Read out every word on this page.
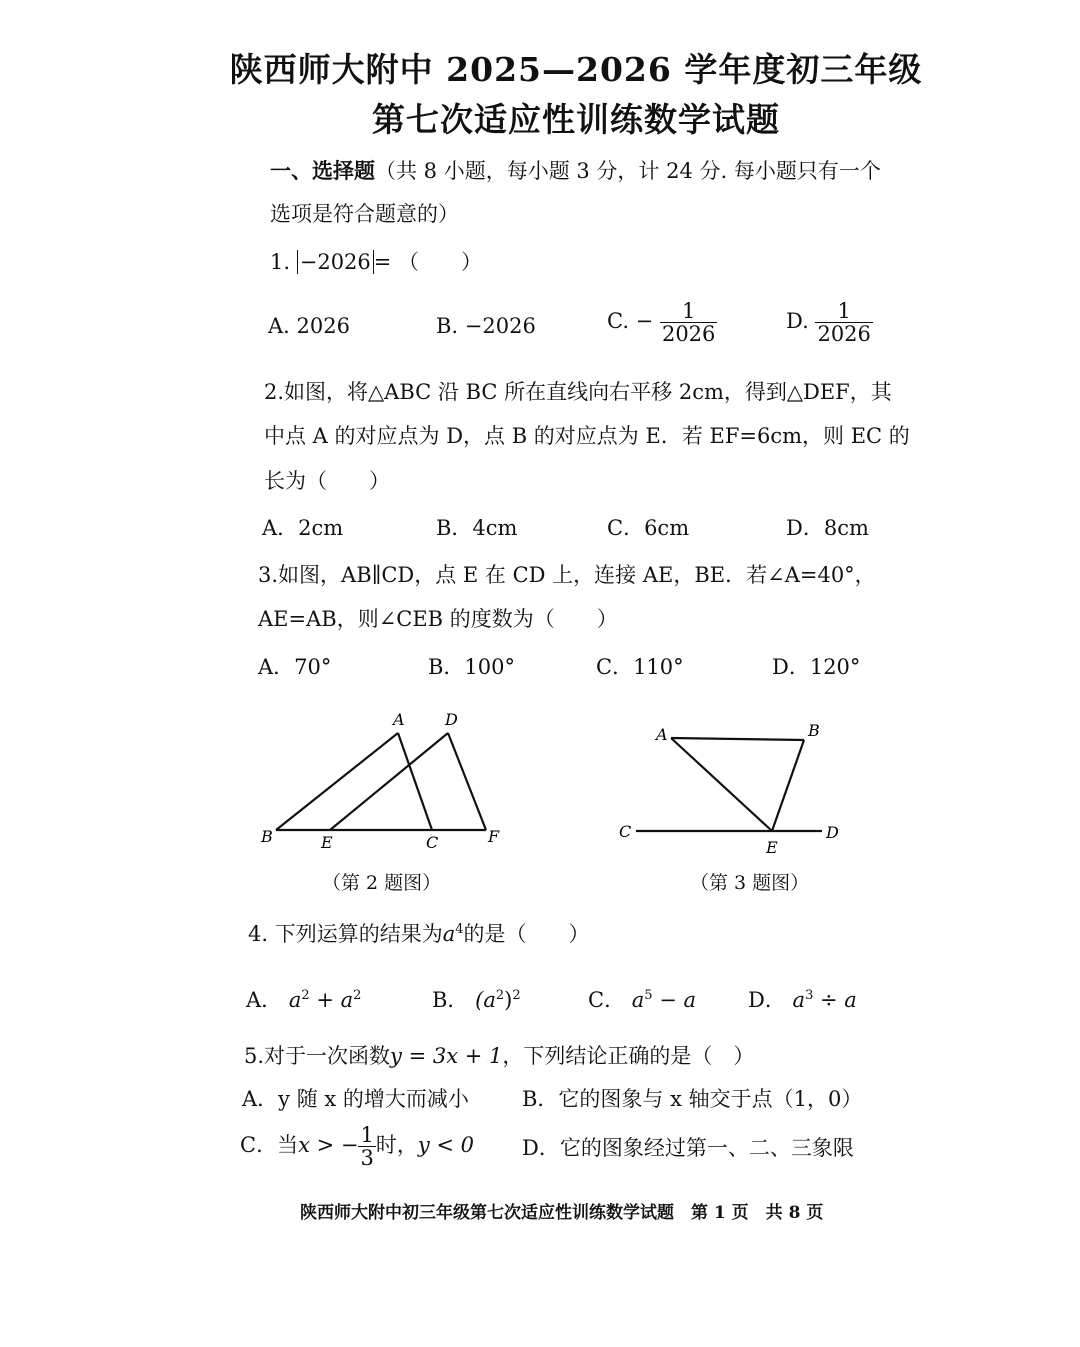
陕西师大附中 2025—2026 学年度初三年级
第七次适应性训练数学试题
一、选择题（共 8 小题，每小题 3 分，计 24 分. 每小题只有一个
选项是符合题意的）
1. −2026 = （　　）
A. 2026	B. −2026	C. − $\frac{1}{2026}$	D. $\frac{1}{2026}$
2.如图，将△ABC 沿 BC 所在直线向右平移 2cm，得到△DEF，其
中点 A 的对应点为 D，点 B 的对应点为 E．若 EF=6cm，则 EC 的
长为（　　）
A．2cm	B．4cm	C．6cm	D．8cm
3.如图，AB∥CD，点 E 在 CD 上，连接 AE，BE．若∠A=40°，
AE=AB，则∠CEB 的度数为（　　）
A．70°	B．100°	C．110°	D．120°
A	D
B	E	C	F
A	B
C	D
E
（第 2 题图）	（第 3 题图）
4. 下列运算的结果为$a^4$的是（　　）
A． $a^2 + a^2$	B． $(a^2)^2$	C． $a^5 - a$ D． $a^3 \div a$
5.对于一次函数y = 3x + 1，下列结论正确的是（　）
A．y 随 x 的增大而减小	B．它的图象与 x 轴交于点（1，0）
C．当x > − $\frac{1}{3}$ 时，y < 0 D．它的图象经过第一、二、三象限
陕西师大附中初三年级第七次适应性训练数学试题　第 1 页　共 8 页
